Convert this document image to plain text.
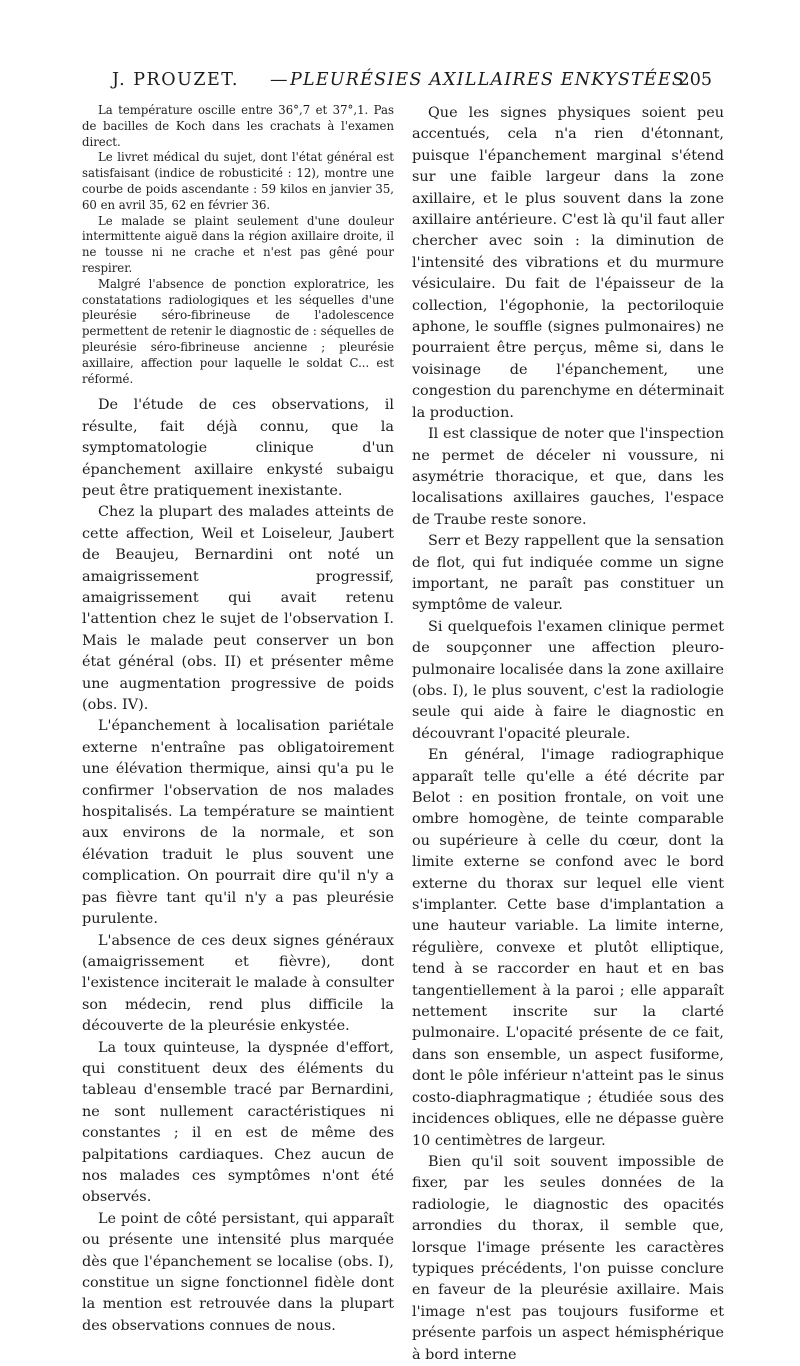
J. PROUZET. — PLEURÉSIES AXILLAIRES ENKYSTÉES
205

La température oscille entre 36°,7 et 37°,1. Pas de bacilles de Koch dans les crachats à l'examen direct.

Le livret médical du sujet, dont l'état général est satisfaisant (indice de robusticité : 12), montre une courbe de poids ascendante : 59 kilos en janvier 35, 60 en avril 35, 62 en février 36.

Le malade se plaint seulement d'une douleur intermittente aiguë dans la région axillaire droite, il ne tousse ni ne crache et n'est pas gêné pour respirer.

Malgré l'absence de ponction exploratrice, les constatations radiologiques et les séquelles d'une pleurésie séro-fibrineuse de l'adolescence permettent de retenir le diagnostic de : séquelles de pleurésie séro-fibrineuse ancienne ; pleurésie axillaire, affection pour laquelle le soldat C... est réformé.

De l'étude de ces observations, il résulte, fait déjà connu, que la symptomatologie clinique d'un épanchement axillaire enkysté subaigu peut être pratiquement inexistante.

Chez la plupart des malades atteints de cette affection, Weil et Loiseleur, Jaubert de Beaujeu, Bernardini ont noté un amaigrissement progressif, amaigrissement qui avait retenu l'attention chez le sujet de l'observation I. Mais le malade peut conserver un bon état général (obs. II) et présenter même une augmentation progressive de poids (obs. IV).

L'épanchement à localisation pariétale externe n'entraîne pas obligatoirement une élévation thermique, ainsi qu'a pu le confirmer l'observation de nos malades hospitalisés. La température se maintient aux environs de la normale, et son élévation traduit le plus souvent une complication. On pourrait dire qu'il n'y a pas fièvre tant qu'il n'y a pas pleurésie purulente.

L'absence de ces deux signes généraux (amaigrissement et fièvre), dont l'existence inciterait le malade à consulter son médecin, rend plus difficile la découverte de la pleurésie enkystée.

La toux quinteuse, la dyspnée d'effort, qui constituent deux des éléments du tableau d'ensemble tracé par Bernardini, ne sont nullement caractéristiques ni constantes ; il en est de même des palpitations cardiaques. Chez aucun de nos malades ces symptômes n'ont été observés.

Le point de côté persistant, qui apparaît ou présente une intensité plus marquée dès que l'épanchement se localise (obs. I), constitue un signe fonctionnel fidèle dont la mention est retrouvée dans la plupart des observations connues de nous.

Que les signes physiques soient peu accentués, cela n'a rien d'étonnant, puisque l'épanchement marginal s'étend sur une faible largeur dans la zone axillaire, et le plus souvent dans la zone axillaire antérieure. C'est là qu'il faut aller chercher avec soin : la diminution de l'intensité des vibrations et du murmure vésiculaire. Du fait de l'épaisseur de la collection, l'égophonie, la pectoriloquie aphone, le souffle (signes pulmonaires) ne pourraient être perçus, même si, dans le voisinage de l'épanchement, une congestion du parenchyme en déterminait la production.

Il est classique de noter que l'inspection ne permet de déceler ni voussure, ni asymétrie thoracique, et que, dans les localisations axillaires gauches, l'espace de Traube reste sonore.

Serr et Bezy rappellent que la sensation de flot, qui fut indiquée comme un signe important, ne paraît pas constituer un symptôme de valeur.

Si quelquefois l'examen clinique permet de soupçonner une affection pleuro-pulmonaire localisée dans la zone axillaire (obs. I), le plus souvent, c'est la radiologie seule qui aide à faire le diagnostic en découvrant l'opacité pleurale.

En général, l'image radiographique apparaît telle qu'elle a été décrite par Belot : en position frontale, on voit une ombre homogène, de teinte comparable ou supérieure à celle du cœur, dont la limite externe se confond avec le bord externe du thorax sur lequel elle vient s'implanter. Cette base d'implantation a une hauteur variable. La limite interne, régulière, convexe et plutôt elliptique, tend à se raccorder en haut et en bas tangentiellement à la paroi ; elle apparaît nettement inscrite sur la clarté pulmonaire. L'opacité présente de ce fait, dans son ensemble, un aspect fusiforme, dont le pôle inférieur n'atteint pas le sinus costo-diaphragmatique ; étudiée sous des incidences obliques, elle ne dépasse guère 10 centimètres de largeur.

Bien qu'il soit souvent impossible de fixer, par les seules données de la radiologie, le diagnostic des opacités arrondies du thorax, il semble que, lorsque l'image présente les caractères typiques précédents, l'on puisse conclure en faveur de la pleurésie axillaire. Mais l'image n'est pas toujours fusiforme et présente parfois un aspect hémisphérique à bord interne
